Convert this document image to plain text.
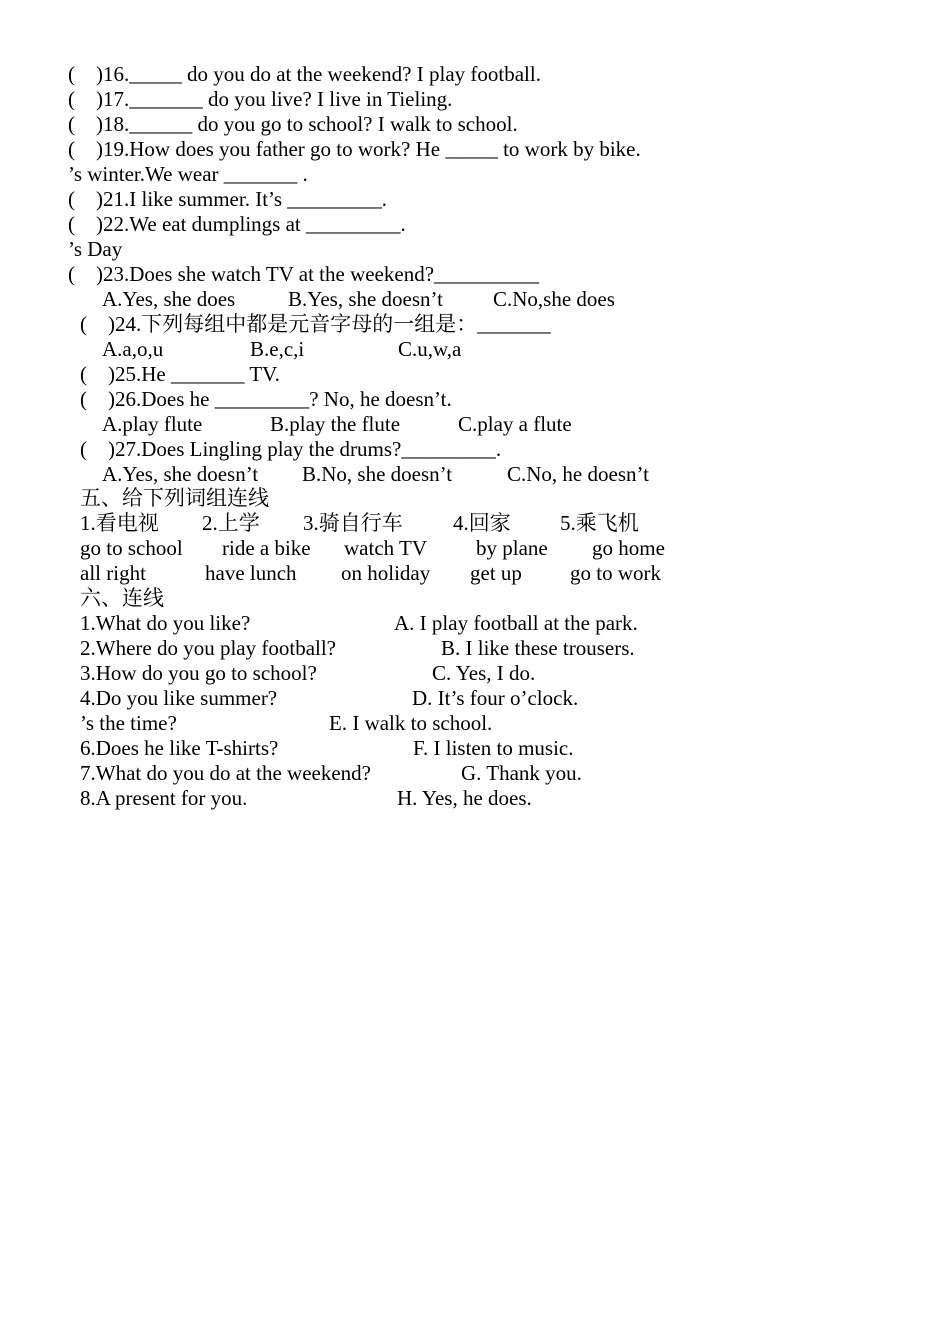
(    )16._____ do you do at the weekend? I play football.
(    )17._______ do you live? I live in Tieling.
(    )18.______ do you go to school? I walk to school.
(    )19.How does you father go to work? He _____ to work by bike.
’s winter.We wear _______ .
(    )21.I like summer. It’s _________.
(    )22.We eat dumplings at _________.
’s Day
(    )23.Does she watch TV at the weekend?__________
A.Yes, she does	B.Yes, she doesn’t C.No,she does
(    )24.下列每组中都是元音字母的一组是：_______
A.a,o,u	B.e,c,i	C.u,w,a
(    )25.He _______ TV.
(    )26.Does he _________? No, he doesn’t.
A.play flute	B.play the flute	C.play a flute
(    )27.Does Lingling play the drums?_________.
A.Yes, she doesn’t B.No, she doesn’t	C.No, he doesn’t
五、给下列词组连线
1.看电视 2.上学 3.骑自行车 4.回家 5.乘飞机
go to school ride a bike watch TV by plane go home
all right	have lunch on holiday get up go to work
六、连线
1.What do you like?	A. I play football at the park.
2.Where do you play football?	B. I like these trousers.
3.How do you go to school?	C. Yes, I do.
4.Do you like summer?	D. It’s four o’clock.
’s the time?	E. I walk to school.
6.Does he like T-shirts?	F. I listen to music.
7.What do you do at the weekend?	G. Thank you.
8.A present for you.	H. Yes, he does.
